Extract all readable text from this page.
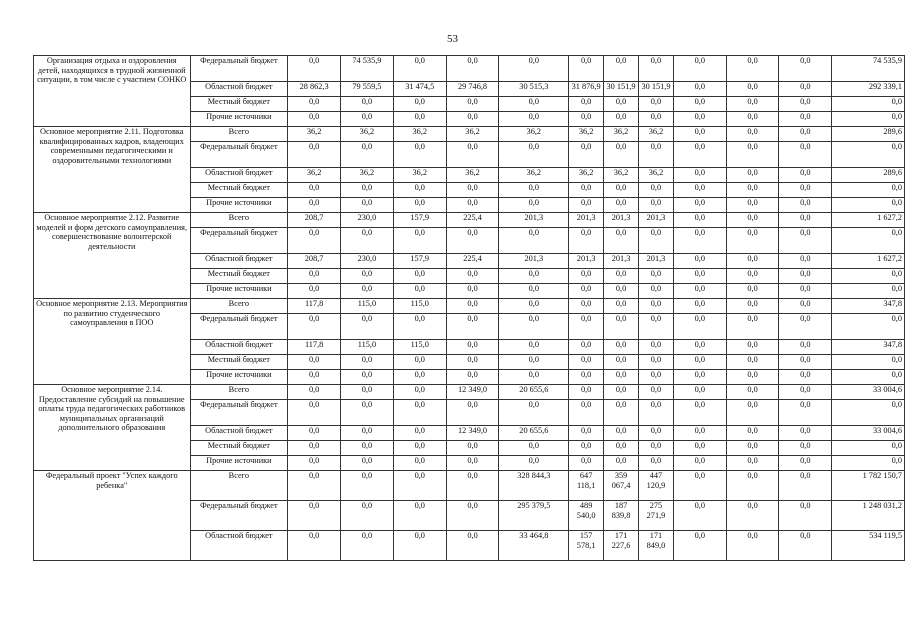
53
Организация отдыха и оздоровления детей, находящихся в трудной жизненной ситуации, в том числе с участием СОНКО	Федеральный бюджет	0,0	74 535,9	0,0	0,0	0,0	0,0	0,0	0,0	0,0	0,0	0,0	74 535,9
	Областной бюджет	28 862,3	79 559,5	31 474,5	29 746,8	30 515,3	31 876,9	30 151,9	30 151,9	0,0	0,0	0,0	292 339,1
	Местный бюджет	0,0	0,0	0,0	0,0	0,0	0,0	0,0	0,0	0,0	0,0	0,0	0,0
	Прочие источники	0,0	0,0	0,0	0,0	0,0	0,0	0,0	0,0	0,0	0,0	0,0	0,0
Основное мероприятие 2.11. Подготовка квалифицированных кадров, владеющих современными педагогическими и оздоровительными технологиями	Всего	36,2	36,2	36,2	36,2	36,2	36,2	36,2	36,2	0,0	0,0	0,0	289,6
	Федеральный бюджет	0,0	0,0	0,0	0,0	0,0	0,0	0,0	0,0	0,0	0,0	0,0	0,0
	Областной бюджет	36,2	36,2	36,2	36,2	36,2	36,2	36,2	36,2	0,0	0,0	0,0	289,6
	Местный бюджет	0,0	0,0	0,0	0,0	0,0	0,0	0,0	0,0	0,0	0,0	0,0	0,0
	Прочие источники	0,0	0,0	0,0	0,0	0,0	0,0	0,0	0,0	0,0	0,0	0,0	0,0
Основное мероприятие 2.12. Развитие моделей и форм детского самоуправления, совершенствование волонтерской деятельности	Всего	208,7	230,0	157,9	225,4	201,3	201,3	201,3	201,3	0,0	0,0	0,0	1 627,2
	Федеральный бюджет	0,0	0,0	0,0	0,0	0,0	0,0	0,0	0,0	0,0	0,0	0,0	0,0
	Областной бюджет	208,7	230,0	157,9	225,4	201,3	201,3	201,3	201,3	0,0	0,0	0,0	1 627,2
	Местный бюджет	0,0	0,0	0,0	0,0	0,0	0,0	0,0	0,0	0,0	0,0	0,0	0,0
	Прочие источники	0,0	0,0	0,0	0,0	0,0	0,0	0,0	0,0	0,0	0,0	0,0	0,0
Основное мероприятие 2.13. Мероприятия по развитию студенческого самоуправления в ПОО	Всего	117,8	115,0	115,0	0,0	0,0	0,0	0,0	0,0	0,0	0,0	0,0	347,8
	Федеральный бюджет	0,0	0,0	0,0	0,0	0,0	0,0	0,0	0,0	0,0	0,0	0,0	0,0
	Областной бюджет	117,8	115,0	115,0	0,0	0,0	0,0	0,0	0,0	0,0	0,0	0,0	347,8
	Местный бюджет	0,0	0,0	0,0	0,0	0,0	0,0	0,0	0,0	0,0	0,0	0,0	0,0
	Прочие источники	0,0	0,0	0,0	0,0	0,0	0,0	0,0	0,0	0,0	0,0	0,0	0,0
Основное мероприятие 2.14. Предоставление субсидий на повышение оплаты труда педагогических работников муниципальных организаций дополнительного образования	Всего	0,0	0,0	0,0	12 349,0	20 655,6	0,0	0,0	0,0	0,0	0,0	0,0	33 004,6
	Федеральный бюджет	0,0	0,0	0,0	0,0	0,0	0,0	0,0	0,0	0,0	0,0	0,0	0,0
	Областной бюджет	0,0	0,0	0,0	12 349,0	20 655,6	0,0	0,0	0,0	0,0	0,0	0,0	33 004,6
	Местный бюджет	0,0	0,0	0,0	0,0	0,0	0,0	0,0	0,0	0,0	0,0	0,0	0,0
	Прочие источники	0,0	0,0	0,0	0,0	0,0	0,0	0,0	0,0	0,0	0,0	0,0	0,0
Федеральный проект "Успех каждого ребенка"	Всего	0,0	0,0	0,0	0,0	328 844,3	647 118,1	359 067,4	447 120,9	0,0	0,0	0,0	1 782 150,7
	Федеральный бюджет	0,0	0,0	0,0	0,0	295 379,5	489 540,0	187 839,8	275 271,9	0,0	0,0	0,0	1 248 031,2
	Областной бюджет	0,0	0,0	0,0	0,0	33 464,8	157 578,1	171 227,6	171 849,0	0,0	0,0	0,0	534 119,5
